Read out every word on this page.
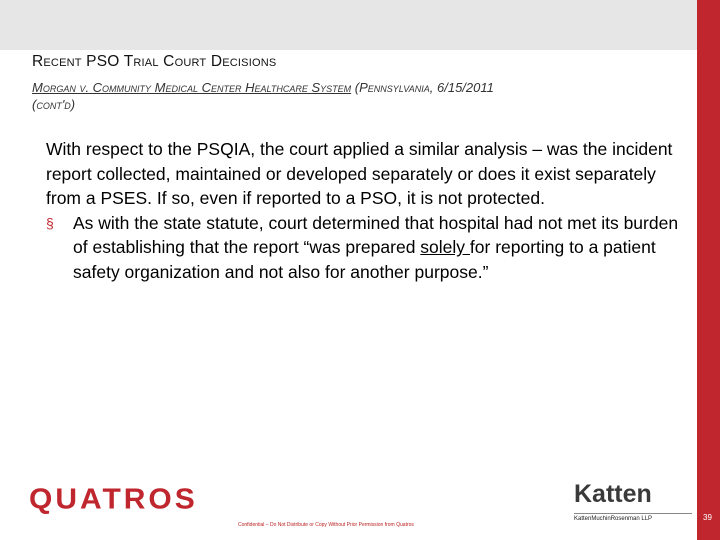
Recent PSO Trial Court Decisions
Morgan v. Community Medical Center Healthcare System (Pennsylvania, 6/15/2011
(cont'd)
With respect to the PSQIA, the court applied a similar analysis – was the incident report collected, maintained or developed separately or does it exist separately from a PSES. If so, even if reported to a PSO, it is not protected.
§ As with the state statute, court determined that hospital had not met its burden of establishing that the report “was prepared solely for reporting to a patient safety organization and not also for another purpose.”
QUATROS
Confidential – Do Not Distribute or Copy Without Prior Permission from Quatros
Katten
KattenMuchinRosenman LLP	39
